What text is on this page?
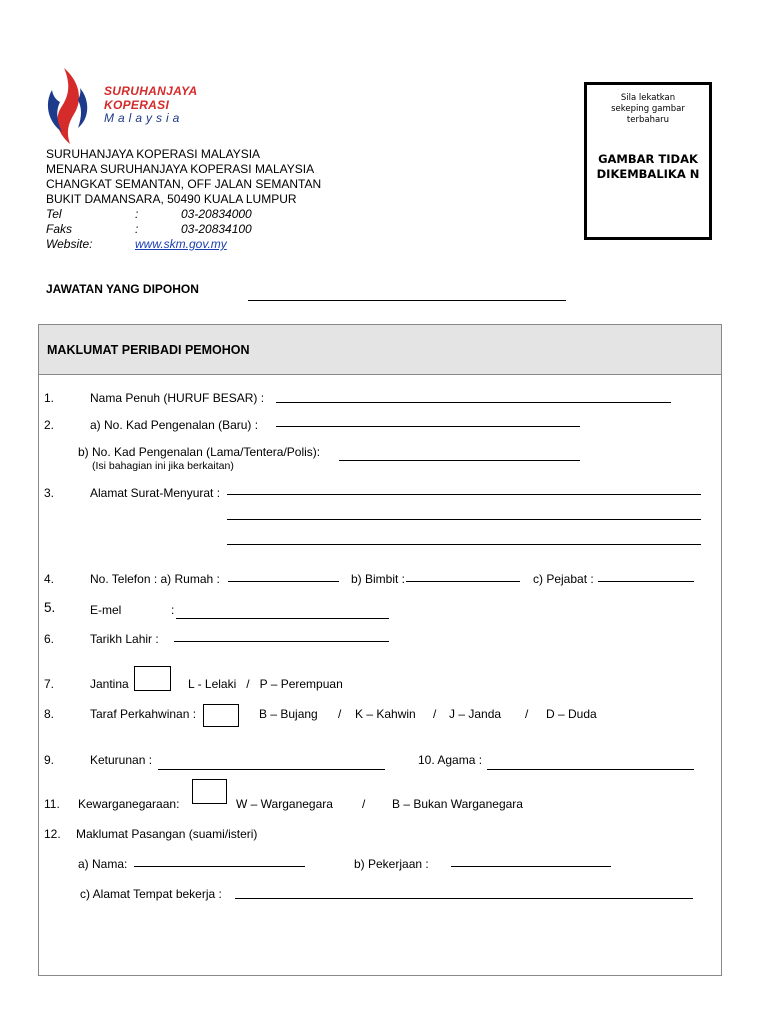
SURUHANJAYA
KOPERASI
Malaysia
SURUHANJAYA KOPERASI MALAYSIA
MENARA SURUHANJAYA KOPERASI MALAYSIA
CHANGKAT SEMANTAN, OFF JALAN SEMANTAN
BUKIT DAMANSARA, 50490 KUALA LUMPUR
Tel	:	03-20834000
Faks	:	03-20834100
Website:	www.skm.gov.my
Sila lekatkan sekeping gambar terbaharu
GAMBAR TIDAK DIKEMBALIKA N
JAWATAN YANG DIPOHON
MAKLUMAT PERIBADI PEMOHON
1.	Nama Penuh (HURUF BESAR) :
2.	a) No. Kad Pengenalan (Baru) :
b) No. Kad Pengenalan (Lama/Tentera/Polis):
(Isi bahagian ini jika berkaitan)
3.	Alamat Surat-Menyurat :
4.	No. Telefon : a) Rumah :	b) Bimbit :	c) Pejabat :
5.	E-mel	:
6.	Tarikh Lahir :
7.	Jantina	L - Lelaki   /   P – Perempuan
8.	Taraf Perkahwinan :	B – Bujang / K – Kahwin / J – Janda / D – Duda
9.	Keturunan :	10. Agama :
11. Kewarganegaraan:	W – Warganegara / B – Bukan Warganegara
12. Maklumat Pasangan (suami/isteri)
a) Nama:	b) Pekerjaan :
c) Alamat Tempat bekerja :
